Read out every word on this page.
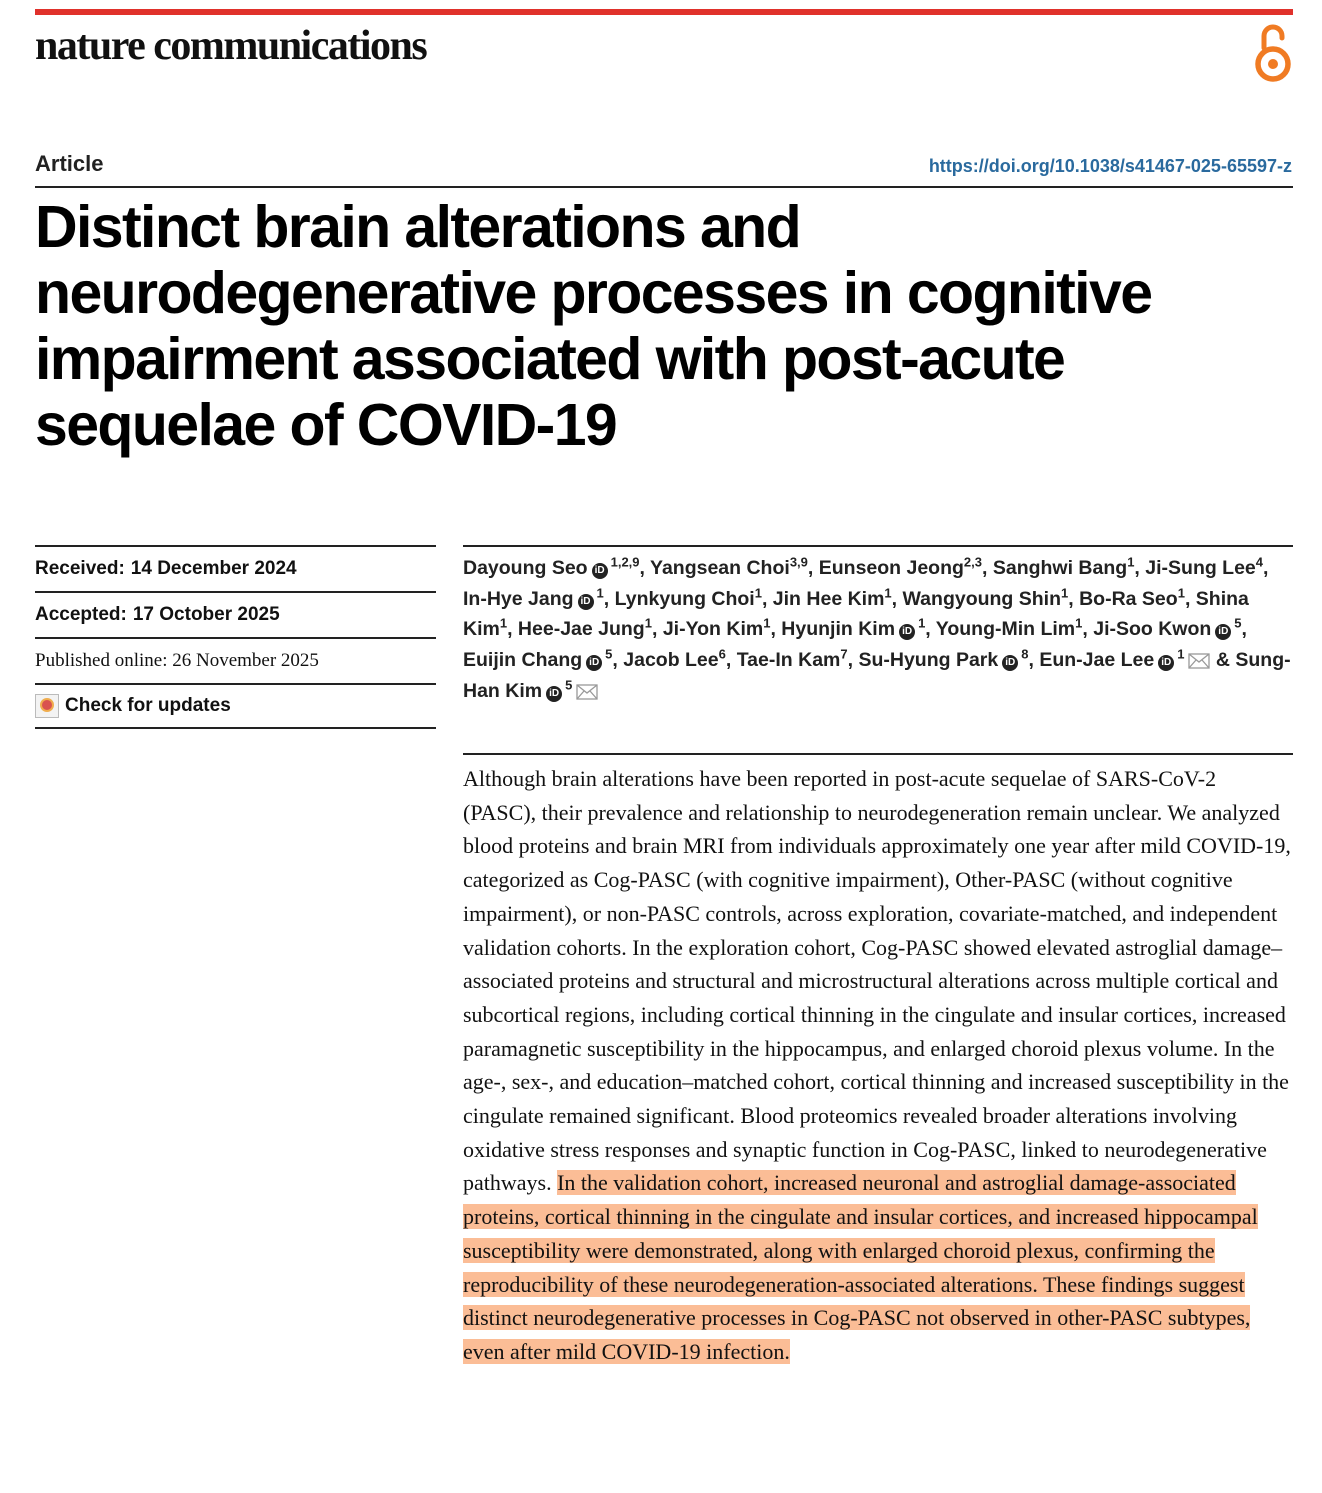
nature communications
Article	https://doi.org/10.1038/s41467-025-65597-z
Distinct brain alterations and neurodegenerative processes in cognitive impairment associated with post-acute sequelae of COVID-19
Received: 14 December 2024
Accepted: 17 October 2025
Published online: 26 November 2025
Check for updates
Dayoung Seo iD$^{1,2,9}$, Yangsean Choi$^{3,9}$, Eunseon Jeong$^{2,3}$, Sanghwi Bang$^1$, Ji-Sung Lee$^4$, In-Hye Jang $iD^1$, Lynkyung Choi$^1$, Jin Hee Kim$^1$, Wangyoung Shin$^1$, Bo-Ra Seo$^1$, Shina Kim$^1$, Hee-Jae Jung$^1$, Ji-Yon Kim$^1$, Hyunjin Kim $iD^1$, Young-Min Lim$^1$, Ji-Soo Kwon $iD^5$, Euijin Chang $iD^5$, Jacob Lee$^6$, Tae-In Kam$^7$, Su-Hyung Park $iD^8$, Eun-Jae Lee $iD^1$ & Sung-Han Kim $iD^5$

Although brain alterations have been reported in post-acute sequelae of SARS-CoV-2 (PASC), their prevalence and relationship to neurodegeneration remain unclear. We analyzed blood proteins and brain MRI from individuals approximately one year after mild COVID-19, categorized as Cog-PASC (with cognitive impairment), Other-PASC (without cognitive impairment), or non-PASC controls, across exploration, covariate-matched, and independent validation cohorts. In the exploration cohort, Cog-PASC showed elevated astroglial damage–associated proteins and structural and microstructural alterations across multiple cortical and subcortical regions, including cortical thinning in the cingulate and insular cortices, increased paramagnetic susceptibility in the hippocampus, and enlarged choroid plexus volume. In the age-, sex-, and education–matched cohort, cortical thinning and increased susceptibility in the cingulate remained significant. Blood proteomics revealed broader alterations involving oxidative stress responses and synaptic function in Cog-PASC, linked to neurodegenerative pathways. In the validation cohort, increased neuronal and astroglial damage-associated proteins, cortical thinning in the cingulate and insular cortices, and increased hippocampal susceptibility were demonstrated, along with enlarged choroid plexus, confirming the reproducibility of these neurodegeneration-associated alterations. These findings suggest distinct neurodegenerative processes in Cog-PASC not observed in other-PASC subtypes, even after mild COVID-19 infection.
